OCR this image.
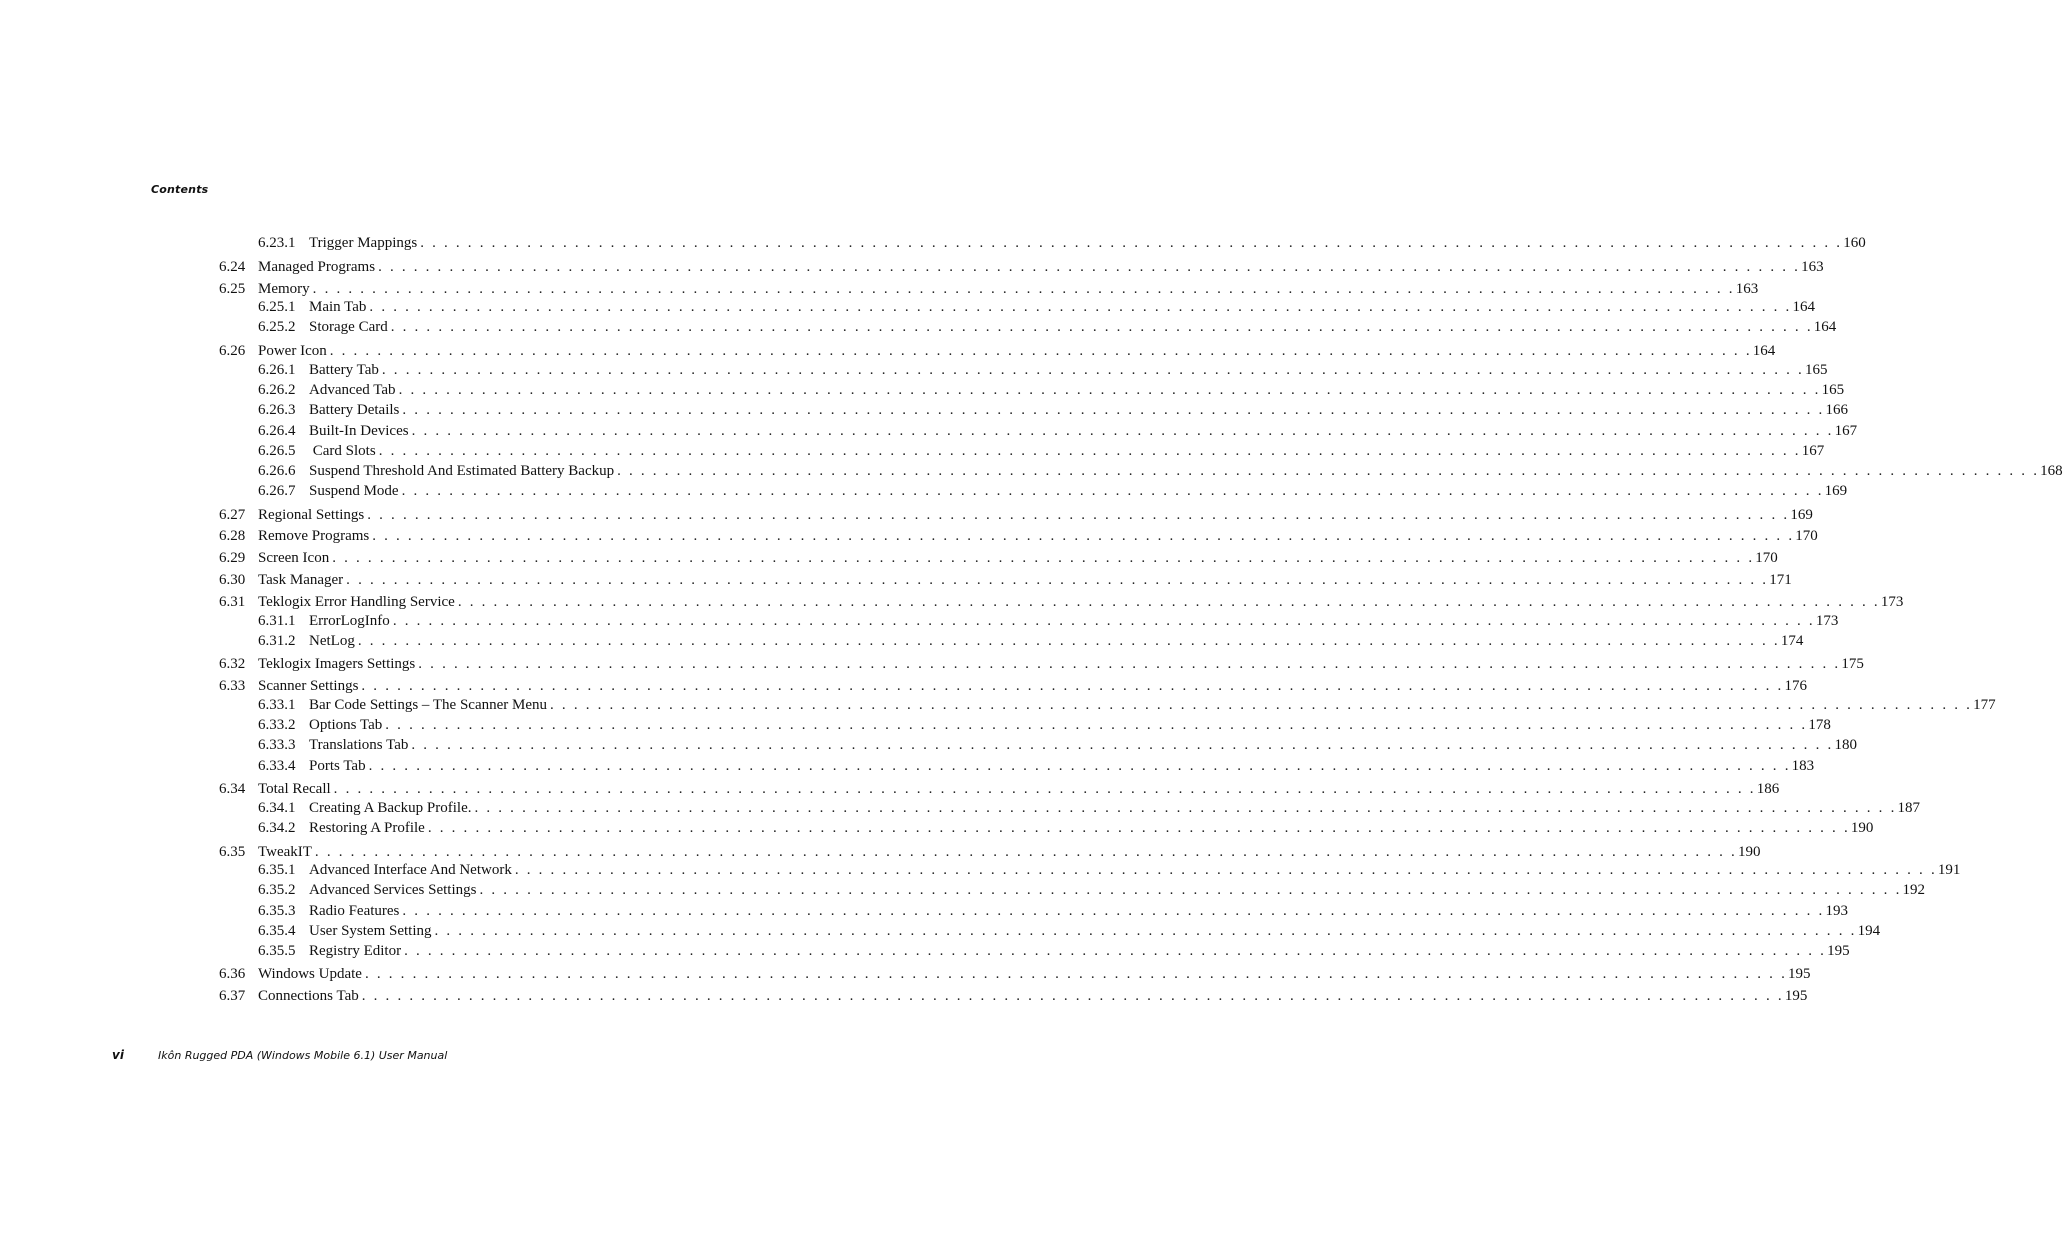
Contents
6.23.1 Trigger Mappings . . . . . . . . . . . . . . . . . . . . . . . . . . . . . . . . . . . . . . . . . . . . . . . . . . . . . . . . . . . . . . . . . . . . . . . . . . . . . . . . . . . . . . . . . . . . . . . . . . . . . . . . . . . . . . . . . . . . . . . . 160
6.24 Managed Programs . . . . . . . . . . . . . . . . . . . . . . . . . . . . . . . . . . . . . . . . . . . . . . . . . . . . . . . . . . . . . . . . . . . . . . . . . . . . . . . . . . . . . . . . . . . . . . . . . . . . . . . . . . . . . . . . . . . . . . . . 163
6.25 Memory . . . . . . . . . . . . . . . . . . . . . . . . . . . . . . . . . . . . . . . . . . . . . . . . . . . . . . . . . . . . . . . . . . . . . . . . . . . . . . . . . . . . . . . . . . . . . . . . . . . . . . . . . . . . . . . . . . . . . . . . 163
6.25.1 Main Tab . . . . . . . . . . . . . . . . . . . . . . . . . . . . . . . . . . . . . . . . . . . . . . . . . . . . . . . . . . . . . . . . . . . . . . . . . . . . . . . . . . . . . . . . . . . . . . . . . . . . . . . . . . . . . . . . . . . . . . . . 164
6.25.2 Storage Card . . . . . . . . . . . . . . . . . . . . . . . . . . . . . . . . . . . . . . . . . . . . . . . . . . . . . . . . . . . . . . . . . . . . . . . . . . . . . . . . . . . . . . . . . . . . . . . . . . . . . . . . . . . . . . . . . . . . . . . . 164
6.26 Power Icon . . . . . . . . . . . . . . . . . . . . . . . . . . . . . . . . . . . . . . . . . . . . . . . . . . . . . . . . . . . . . . . . . . . . . . . . . . . . . . . . . . . . . . . . . . . . . . . . . . . . . . . . . . . . . . . . . . . . . . . . 164
6.26.1 Battery Tab . . . . . . . . . . . . . . . . . . . . . . . . . . . . . . . . . . . . . . . . . . . . . . . . . . . . . . . . . . . . . . . . . . . . . . . . . . . . . . . . . . . . . . . . . . . . . . . . . . . . . . . . . . . . . . . . . . . . . . . . 165
6.26.2 Advanced Tab . . . . . . . . . . . . . . . . . . . . . . . . . . . . . . . . . . . . . . . . . . . . . . . . . . . . . . . . . . . . . . . . . . . . . . . . . . . . . . . . . . . . . . . . . . . . . . . . . . . . . . . . . . . . . . . . . . . . . . . . 165
6.26.3 Battery Details . . . . . . . . . . . . . . . . . . . . . . . . . . . . . . . . . . . . . . . . . . . . . . . . . . . . . . . . . . . . . . . . . . . . . . . . . . . . . . . . . . . . . . . . . . . . . . . . . . . . . . . . . . . . . . . . . . . . . . . . 166
6.26.4 Built-In Devices . . . . . . . . . . . . . . . . . . . . . . . . . . . . . . . . . . . . . . . . . . . . . . . . . . . . . . . . . . . . . . . . . . . . . . . . . . . . . . . . . . . . . . . . . . . . . . . . . . . . . . . . . . . . . . . . . . . . . . . . 167
6.26.5 Card Slots . . . . . . . . . . . . . . . . . . . . . . . . . . . . . . . . . . . . . . . . . . . . . . . . . . . . . . . . . . . . . . . . . . . . . . . . . . . . . . . . . . . . . . . . . . . . . . . . . . . . . . . . . . . . . . . . . . . . . . . . 167
6.26.6 Suspend Threshold And Estimated Battery Backup . . . . . . . . . . . . . . . . . . . . . . . . . . . . . . . . . . . . . . . . . . . . . . . . . . . . . . . . . . . . . . . . . . . . . . . . . . . . . . . . . . . . . . . . . . . . . . . . . . . . . . . . . . . . . . . . . . . . . . . . 168
6.26.7 Suspend Mode . . . . . . . . . . . . . . . . . . . . . . . . . . . . . . . . . . . . . . . . . . . . . . . . . . . . . . . . . . . . . . . . . . . . . . . . . . . . . . . . . . . . . . . . . . . . . . . . . . . . . . . . . . . . . . . . . . . . . . . . 169
6.27 Regional Settings . . . . . . . . . . . . . . . . . . . . . . . . . . . . . . . . . . . . . . . . . . . . . . . . . . . . . . . . . . . . . . . . . . . . . . . . . . . . . . . . . . . . . . . . . . . . . . . . . . . . . . . . . . . . . . . . . . . . . . . . 169
6.28 Remove Programs . . . . . . . . . . . . . . . . . . . . . . . . . . . . . . . . . . . . . . . . . . . . . . . . . . . . . . . . . . . . . . . . . . . . . . . . . . . . . . . . . . . . . . . . . . . . . . . . . . . . . . . . . . . . . . . . . . . . . . . . 170
6.29 Screen Icon . . . . . . . . . . . . . . . . . . . . . . . . . . . . . . . . . . . . . . . . . . . . . . . . . . . . . . . . . . . . . . . . . . . . . . . . . . . . . . . . . . . . . . . . . . . . . . . . . . . . . . . . . . . . . . . . . . . . . . . . 170
6.30 Task Manager . . . . . . . . . . . . . . . . . . . . . . . . . . . . . . . . . . . . . . . . . . . . . . . . . . . . . . . . . . . . . . . . . . . . . . . . . . . . . . . . . . . . . . . . . . . . . . . . . . . . . . . . . . . . . . . . . . . . . . . . 171
6.31 Teklogix Error Handling Service . . . . . . . . . . . . . . . . . . . . . . . . . . . . . . . . . . . . . . . . . . . . . . . . . . . . . . . . . . . . . . . . . . . . . . . . . . . . . . . . . . . . . . . . . . . . . . . . . . . . . . . . . . . . . . . . . . . . . . . . 173
6.31.1 ErrorLogInfo . . . . . . . . . . . . . . . . . . . . . . . . . . . . . . . . . . . . . . . . . . . . . . . . . . . . . . . . . . . . . . . . . . . . . . . . . . . . . . . . . . . . . . . . . . . . . . . . . . . . . . . . . . . . . . . . . . . . . . . . 173
6.31.2 NetLog . . . . . . . . . . . . . . . . . . . . . . . . . . . . . . . . . . . . . . . . . . . . . . . . . . . . . . . . . . . . . . . . . . . . . . . . . . . . . . . . . . . . . . . . . . . . . . . . . . . . . . . . . . . . . . . . . . . . . . . . 174
6.32 Teklogix Imagers Settings . . . . . . . . . . . . . . . . . . . . . . . . . . . . . . . . . . . . . . . . . . . . . . . . . . . . . . . . . . . . . . . . . . . . . . . . . . . . . . . . . . . . . . . . . . . . . . . . . . . . . . . . . . . . . . . . . . . . . . . . 175
6.33 Scanner Settings . . . . . . . . . . . . . . . . . . . . . . . . . . . . . . . . . . . . . . . . . . . . . . . . . . . . . . . . . . . . . . . . . . . . . . . . . . . . . . . . . . . . . . . . . . . . . . . . . . . . . . . . . . . . . . . . . . . . . . . . 176
6.33.1 Bar Code Settings – The Scanner Menu . . . . . . . . . . . . . . . . . . . . . . . . . . . . . . . . . . . . . . . . . . . . . . . . . . . . . . . . . . . . . . . . . . . . . . . . . . . . . . . . . . . . . . . . . . . . . . . . . . . . . . . . . . . . . . . . . . . . . . . . 177
6.33.2 Options Tab . . . . . . . . . . . . . . . . . . . . . . . . . . . . . . . . . . . . . . . . . . . . . . . . . . . . . . . . . . . . . . . . . . . . . . . . . . . . . . . . . . . . . . . . . . . . . . . . . . . . . . . . . . . . . . . . . . . . . . . . 178
6.33.3 Translations Tab . . . . . . . . . . . . . . . . . . . . . . . . . . . . . . . . . . . . . . . . . . . . . . . . . . . . . . . . . . . . . . . . . . . . . . . . . . . . . . . . . . . . . . . . . . . . . . . . . . . . . . . . . . . . . . . . . . . . . . . . 180
6.33.4 Ports Tab . . . . . . . . . . . . . . . . . . . . . . . . . . . . . . . . . . . . . . . . . . . . . . . . . . . . . . . . . . . . . . . . . . . . . . . . . . . . . . . . . . . . . . . . . . . . . . . . . . . . . . . . . . . . . . . . . . . . . . . . 183
6.34 Total Recall . . . . . . . . . . . . . . . . . . . . . . . . . . . . . . . . . . . . . . . . . . . . . . . . . . . . . . . . . . . . . . . . . . . . . . . . . . . . . . . . . . . . . . . . . . . . . . . . . . . . . . . . . . . . . . . . . . . . . . . . 186
6.34.1 Creating A Backup Profile. . . . . . . . . . . . . . . . . . . . . . . . . . . . . . . . . . . . . . . . . . . . . . . . . . . . . . . . . . . . . . . . . . . . . . . . . . . . . . . . . . . . . . . . . . . . . . . . . . . . . . . . . . . . . . . . . . . . . . . . . 187
6.34.2 Restoring A Profile . . . . . . . . . . . . . . . . . . . . . . . . . . . . . . . . . . . . . . . . . . . . . . . . . . . . . . . . . . . . . . . . . . . . . . . . . . . . . . . . . . . . . . . . . . . . . . . . . . . . . . . . . . . . . . . . . . . . . . . . 190
6.35 TweakIT . . . . . . . . . . . . . . . . . . . . . . . . . . . . . . . . . . . . . . . . . . . . . . . . . . . . . . . . . . . . . . . . . . . . . . . . . . . . . . . . . . . . . . . . . . . . . . . . . . . . . . . . . . . . . . . . . . . . . . . . 190
6.35.1 Advanced Interface And Network . . . . . . . . . . . . . . . . . . . . . . . . . . . . . . . . . . . . . . . . . . . . . . . . . . . . . . . . . . . . . . . . . . . . . . . . . . . . . . . . . . . . . . . . . . . . . . . . . . . . . . . . . . . . . . . . . . . . . . . . 191
6.35.2 Advanced Services Settings . . . . . . . . . . . . . . . . . . . . . . . . . . . . . . . . . . . . . . . . . . . . . . . . . . . . . . . . . . . . . . . . . . . . . . . . . . . . . . . . . . . . . . . . . . . . . . . . . . . . . . . . . . . . . . . . . . . . . . . . 192
6.35.3 Radio Features . . . . . . . . . . . . . . . . . . . . . . . . . . . . . . . . . . . . . . . . . . . . . . . . . . . . . . . . . . . . . . . . . . . . . . . . . . . . . . . . . . . . . . . . . . . . . . . . . . . . . . . . . . . . . . . . . . . . . . . . 193
6.35.4 User System Setting . . . . . . . . . . . . . . . . . . . . . . . . . . . . . . . . . . . . . . . . . . . . . . . . . . . . . . . . . . . . . . . . . . . . . . . . . . . . . . . . . . . . . . . . . . . . . . . . . . . . . . . . . . . . . . . . . . . . . . . . 194
6.35.5 Registry Editor . . . . . . . . . . . . . . . . . . . . . . . . . . . . . . . . . . . . . . . . . . . . . . . . . . . . . . . . . . . . . . . . . . . . . . . . . . . . . . . . . . . . . . . . . . . . . . . . . . . . . . . . . . . . . . . . . . . . . . . . 195
6.36 Windows Update . . . . . . . . . . . . . . . . . . . . . . . . . . . . . . . . . . . . . . . . . . . . . . . . . . . . . . . . . . . . . . . . . . . . . . . . . . . . . . . . . . . . . . . . . . . . . . . . . . . . . . . . . . . . . . . . . . . . . . . . 195
6.37 Connections Tab . . . . . . . . . . . . . . . . . . . . . . . . . . . . . . . . . . . . . . . . . . . . . . . . . . . . . . . . . . . . . . . . . . . . . . . . . . . . . . . . . . . . . . . . . . . . . . . . . . . . . . . . . . . . . . . . . . . . . . . . 195
vi	Ikôn Rugged PDA (Windows Mobile 6.1) User Manual
